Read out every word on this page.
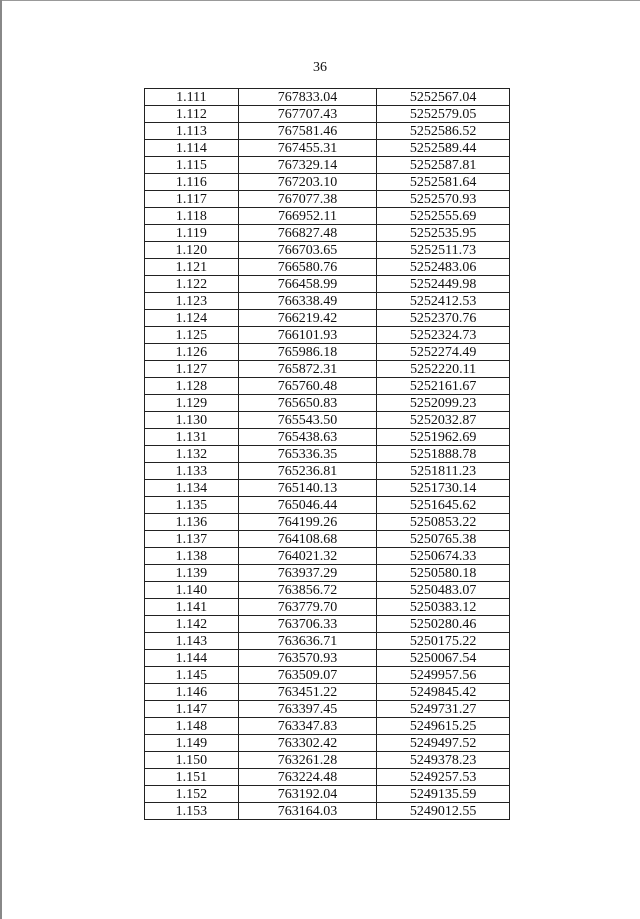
36
1.111	767833.04	5252567.04
1.112	767707.43	5252579.05
1.113	767581.46	5252586.52
1.114	767455.31	5252589.44
1.115	767329.14	5252587.81
1.116	767203.10	5252581.64
1.117	767077.38	5252570.93
1.118	766952.11	5252555.69
1.119	766827.48	5252535.95
1.120	766703.65	5252511.73
1.121	766580.76	5252483.06
1.122	766458.99	5252449.98
1.123	766338.49	5252412.53
1.124	766219.42	5252370.76
1.125	766101.93	5252324.73
1.126	765986.18	5252274.49
1.127	765872.31	5252220.11
1.128	765760.48	5252161.67
1.129	765650.83	5252099.23
1.130	765543.50	5252032.87
1.131	765438.63	5251962.69
1.132	765336.35	5251888.78
1.133	765236.81	5251811.23
1.134	765140.13	5251730.14
1.135	765046.44	5251645.62
1.136	764199.26	5250853.22
1.137	764108.68	5250765.38
1.138	764021.32	5250674.33
1.139	763937.29	5250580.18
1.140	763856.72	5250483.07
1.141	763779.70	5250383.12
1.142	763706.33	5250280.46
1.143	763636.71	5250175.22
1.144	763570.93	5250067.54
1.145	763509.07	5249957.56
1.146	763451.22	5249845.42
1.147	763397.45	5249731.27
1.148	763347.83	5249615.25
1.149	763302.42	5249497.52
1.150	763261.28	5249378.23
1.151	763224.48	5249257.53
1.152	763192.04	5249135.59
1.153	763164.03	5249012.55
